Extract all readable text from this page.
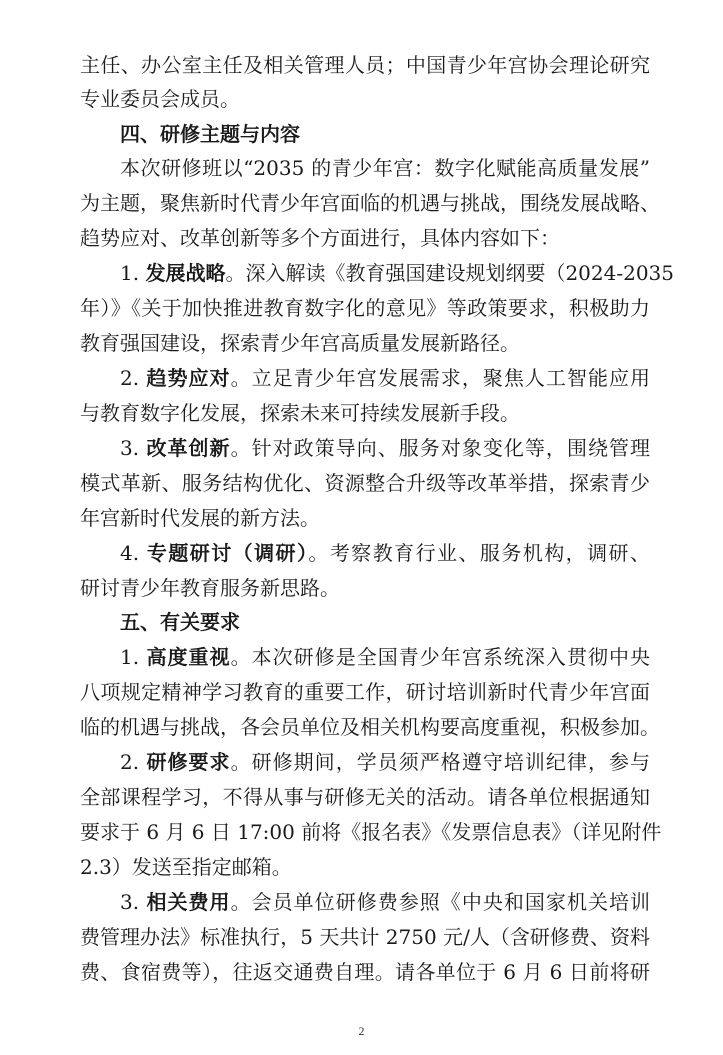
主任、办公室主任及相关管理人员；中国青少年宫协会理论研究
专业委员会成员。
四、研修主题与内容
本次研修班以“2035 的青少年宫：数字化赋能高质量发展”
为主题，聚焦新时代青少年宫面临的机遇与挑战，围绕发展战略、
趋势应对、改革创新等多个方面进行，具体内容如下：
1. 发展战略。深入解读《教育强国建设规划纲要（2024-2035
年）》《关于加快推进教育数字化的意见》等政策要求，积极助力
教育强国建设，探索青少年宫高质量发展新路径。
2. 趋势应对。立足青少年宫发展需求，聚焦人工智能应用
与教育数字化发展，探索未来可持续发展新手段。
3. 改革创新。针对政策导向、服务对象变化等，围绕管理
模式革新、服务结构优化、资源整合升级等改革举措，探索青少
年宫新时代发展的新方法。
4. 专题研讨（调研）。考察教育行业、服务机构，调研、
研讨青少年教育服务新思路。
五、有关要求
1. 高度重视。本次研修是全国青少年宫系统深入贯彻中央
八项规定精神学习教育的重要工作，研讨培训新时代青少年宫面
临的机遇与挑战，各会员单位及相关机构要高度重视，积极参加。
2. 研修要求。研修期间，学员须严格遵守培训纪律，参与
全部课程学习，不得从事与研修无关的活动。请各单位根据通知
要求于 6 月 6 日 17:00 前将《报名表》《发票信息表》（详见附件
2.3）发送至指定邮箱。
3. 相关费用。会员单位研修费参照《中央和国家机关培训
费管理办法》标准执行，5 天共计 2750 元/人（含研修费、资料
费、食宿费等），往返交通费自理。请各单位于 6 月 6 日前将研
2
